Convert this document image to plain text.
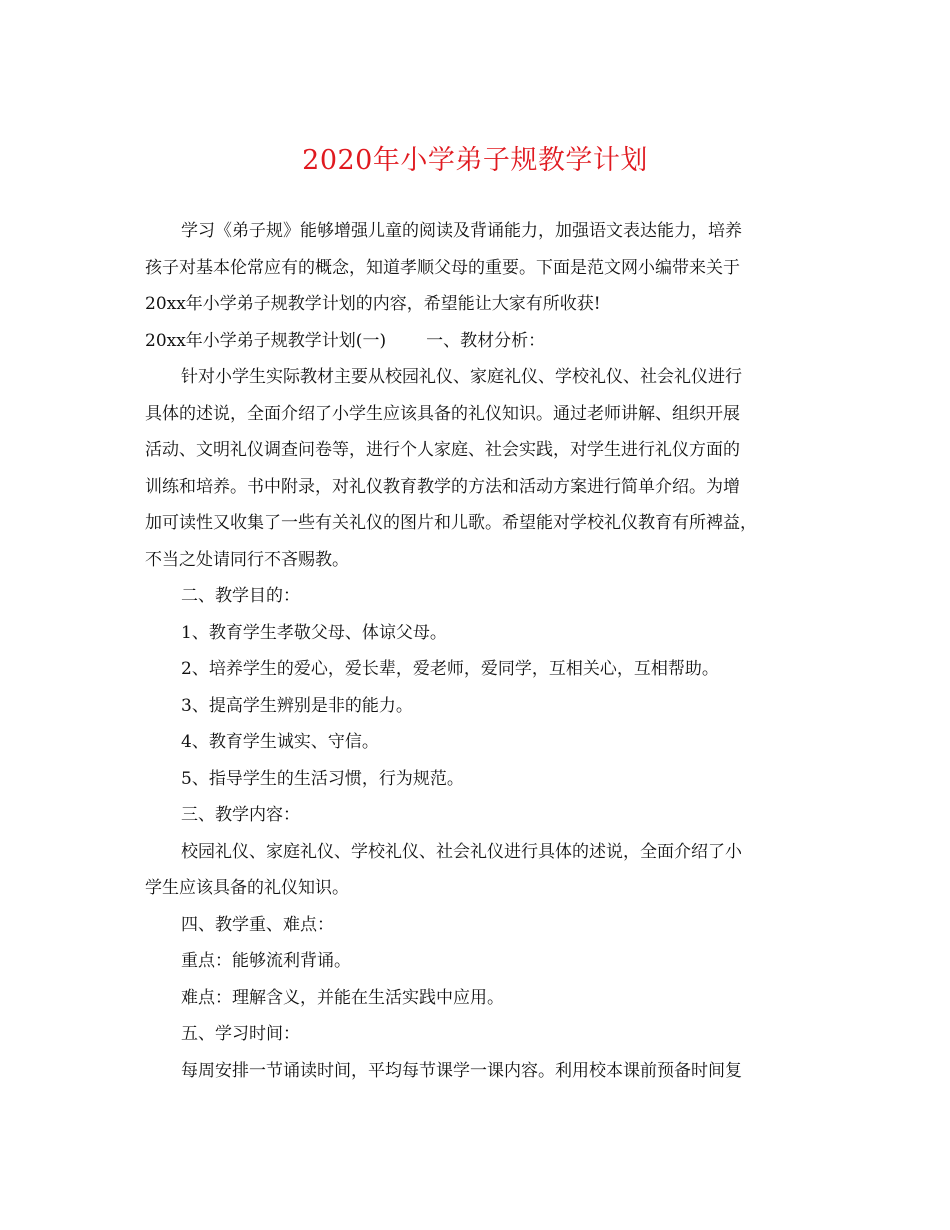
2020年小学弟子规教学计划
学习《弟子规》能够增强儿童的阅读及背诵能力，加强语文表达能力，培养
孩子对基本伦常应有的概念，知道孝顺父母的重要。下面是范文网小编带来关于
20xx年小学弟子规教学计划的内容，希望能让大家有所收获!
20xx年小学弟子规教学计划(一) 一、教材分析：
针对小学生实际教材主要从校园礼仪、家庭礼仪、学校礼仪、社会礼仪进行
具体的述说，全面介绍了小学生应该具备的礼仪知识。通过老师讲解、组织开展
活动、文明礼仪调查问卷等，进行个人家庭、社会实践，对学生进行礼仪方面的
训练和培养。书中附录，对礼仪教育教学的方法和活动方案进行简单介绍。为增
加可读性又收集了一些有关礼仪的图片和儿歌。希望能对学校礼仪教育有所裨益，
不当之处请同行不吝赐教。
二、教学目的：
1、教育学生孝敬父母、体谅父母。
2、培养学生的爱心，爱长辈，爱老师，爱同学，互相关心，互相帮助。
3、提高学生辨别是非的能力。
4、教育学生诚实、守信。
5、指导学生的生活习惯，行为规范。
三、教学内容：
校园礼仪、家庭礼仪、学校礼仪、社会礼仪进行具体的述说，全面介绍了小
学生应该具备的礼仪知识。
四、教学重、难点：
重点：能够流利背诵。
难点：理解含义，并能在生活实践中应用。
五、学习时间：
每周安排一节诵读时间，平均每节课学一课内容。利用校本课前预备时间复
